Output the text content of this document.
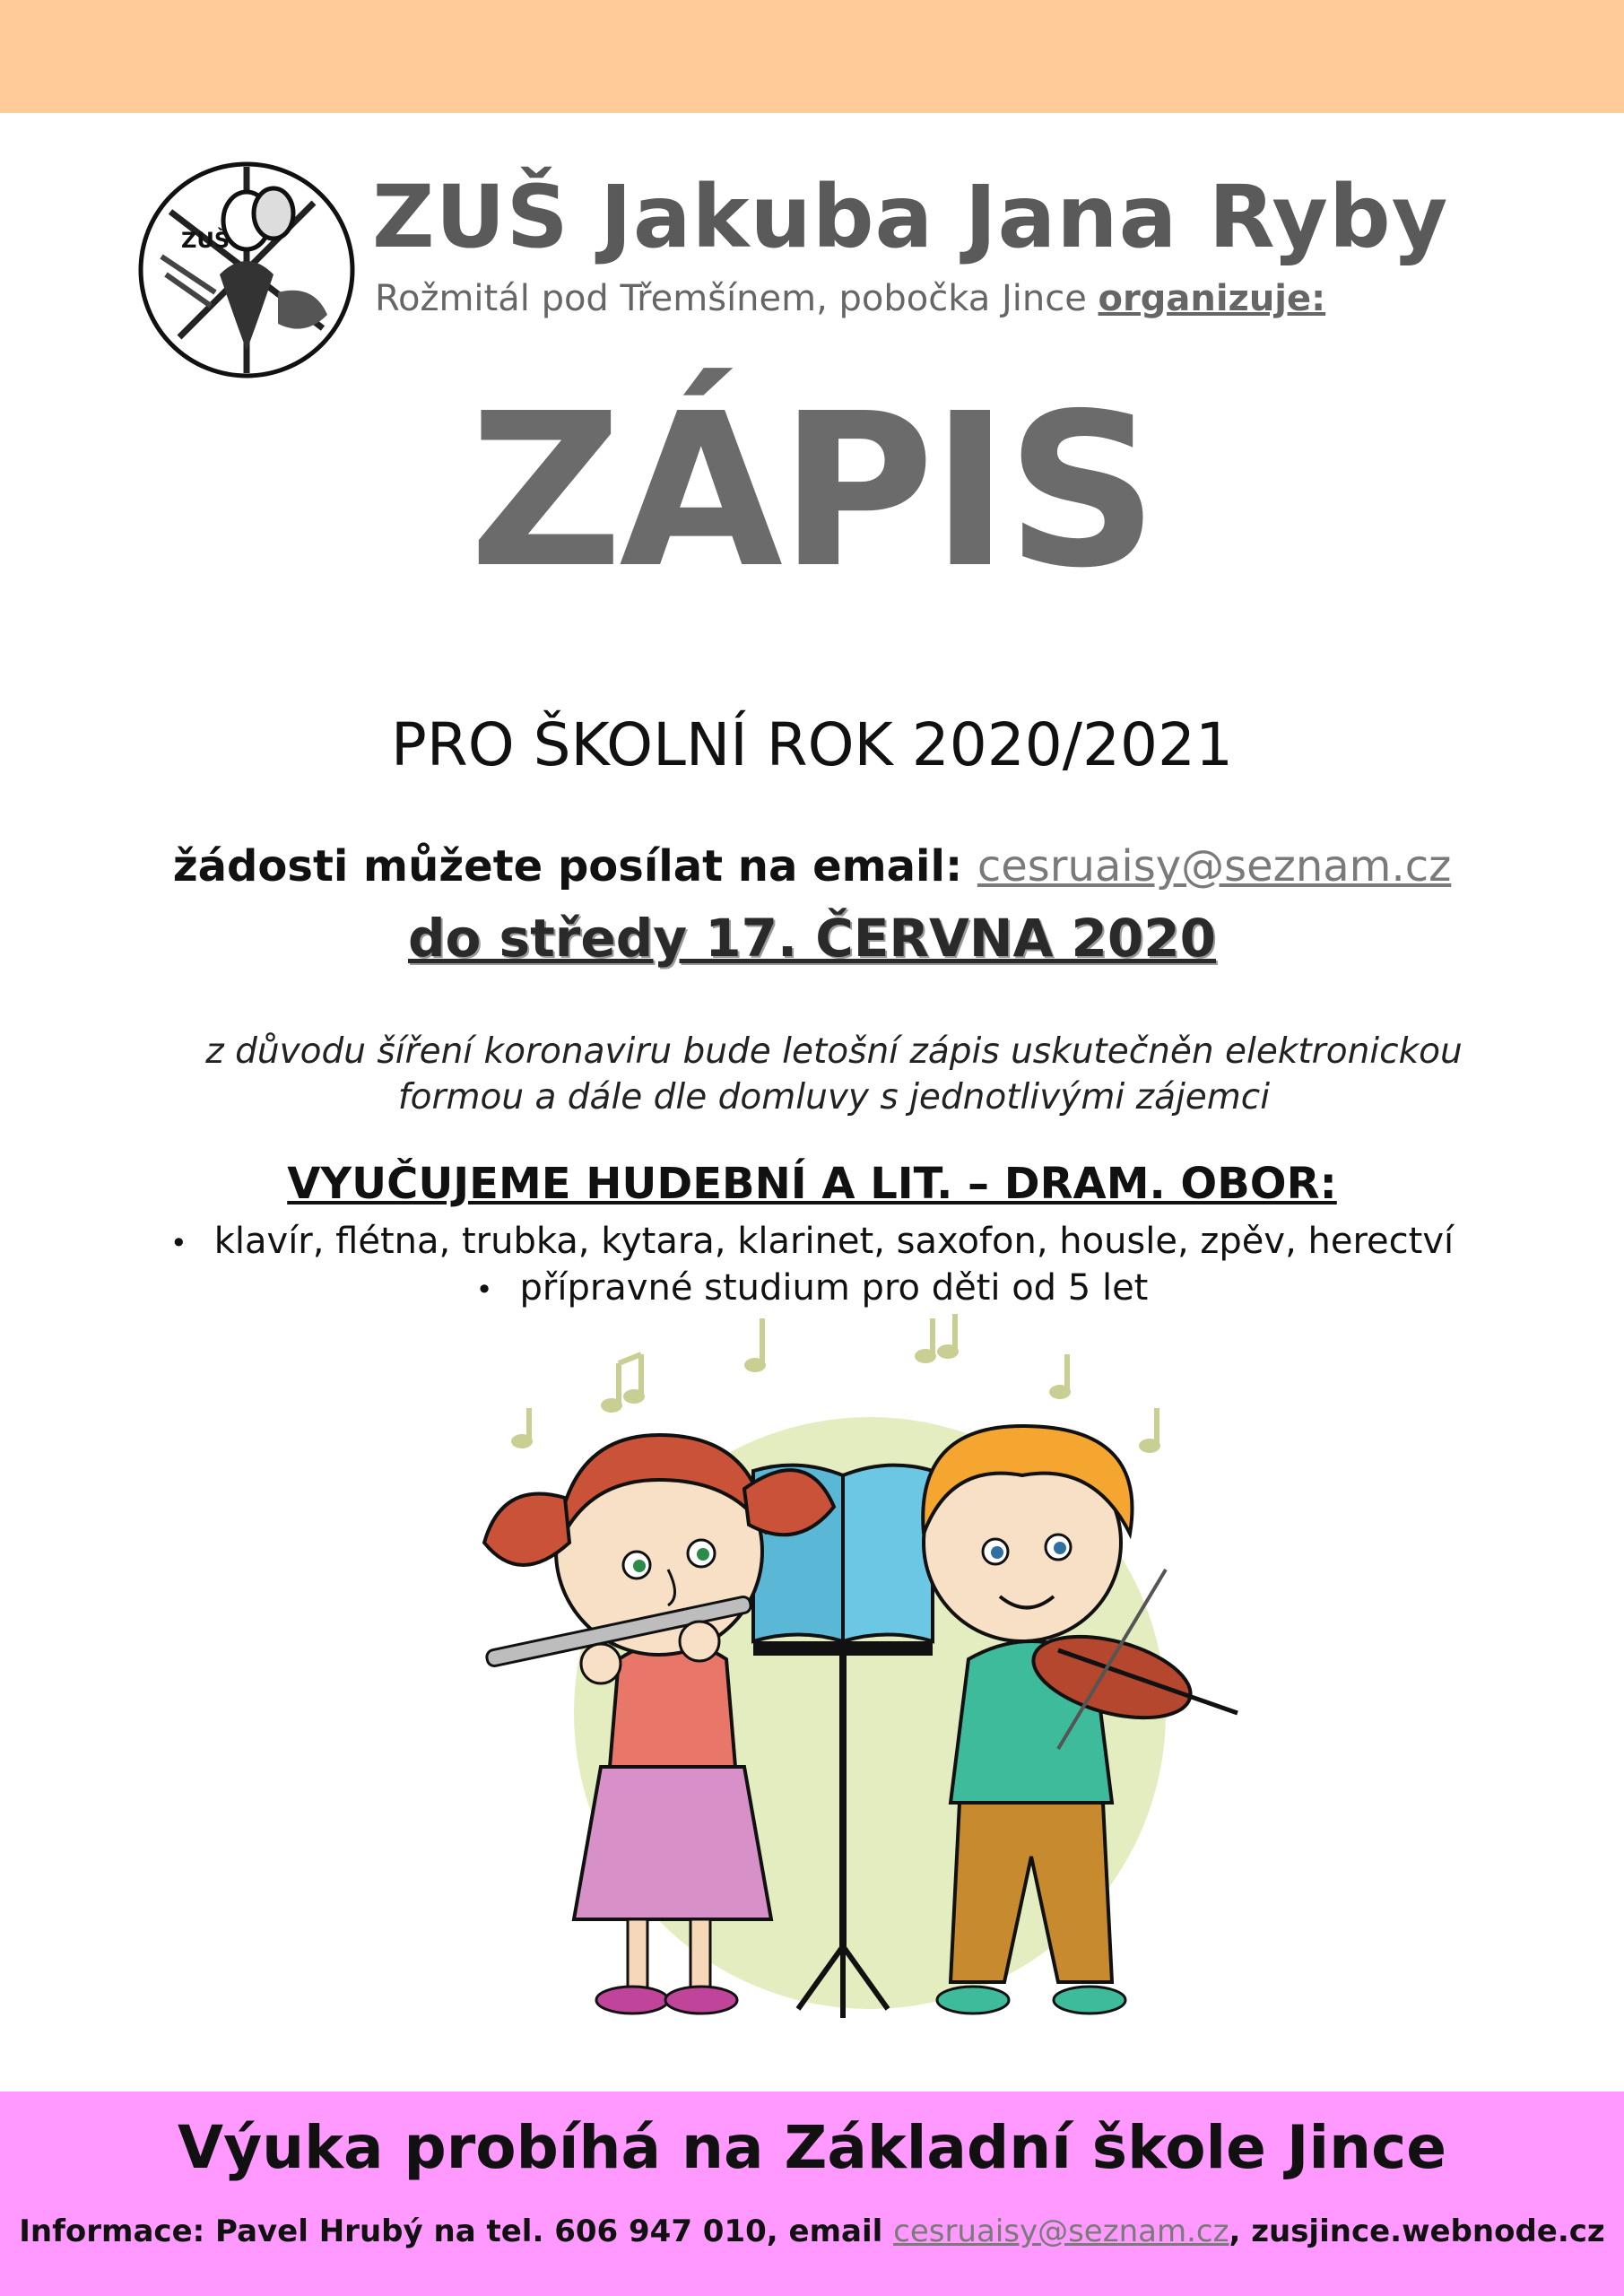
ZUŠ ZUŠ Jakuba Jana Ryby
Rožmitál pod Třemšínem, pobočka Jince organizuje:
ZÁPIS
PRO ŠKOLNÍ ROK 2020/2021
žádosti můžete posílat na email: cesruaisy@seznam.cz
do středy 17. ČERVNA 2020
z důvodu šíření koronaviru bude letošní zápis uskutečněn elektronickou
formou a dále dle domluvy s jednotlivými zájemci
VYUČUJEME HUDEBNÍ A LIT. – DRAM. OBOR:
• klavír, flétna, trubka, kytara, klarinet, saxofon, housle, zpěv, herectví
• přípravné studium pro děti od 5 let
Výuka probíhá na Základní škole Jince
Informace: Pavel Hrubý na tel. 606 947 010, email cesruaisy@seznam.cz, zusjince.webnode.cz
